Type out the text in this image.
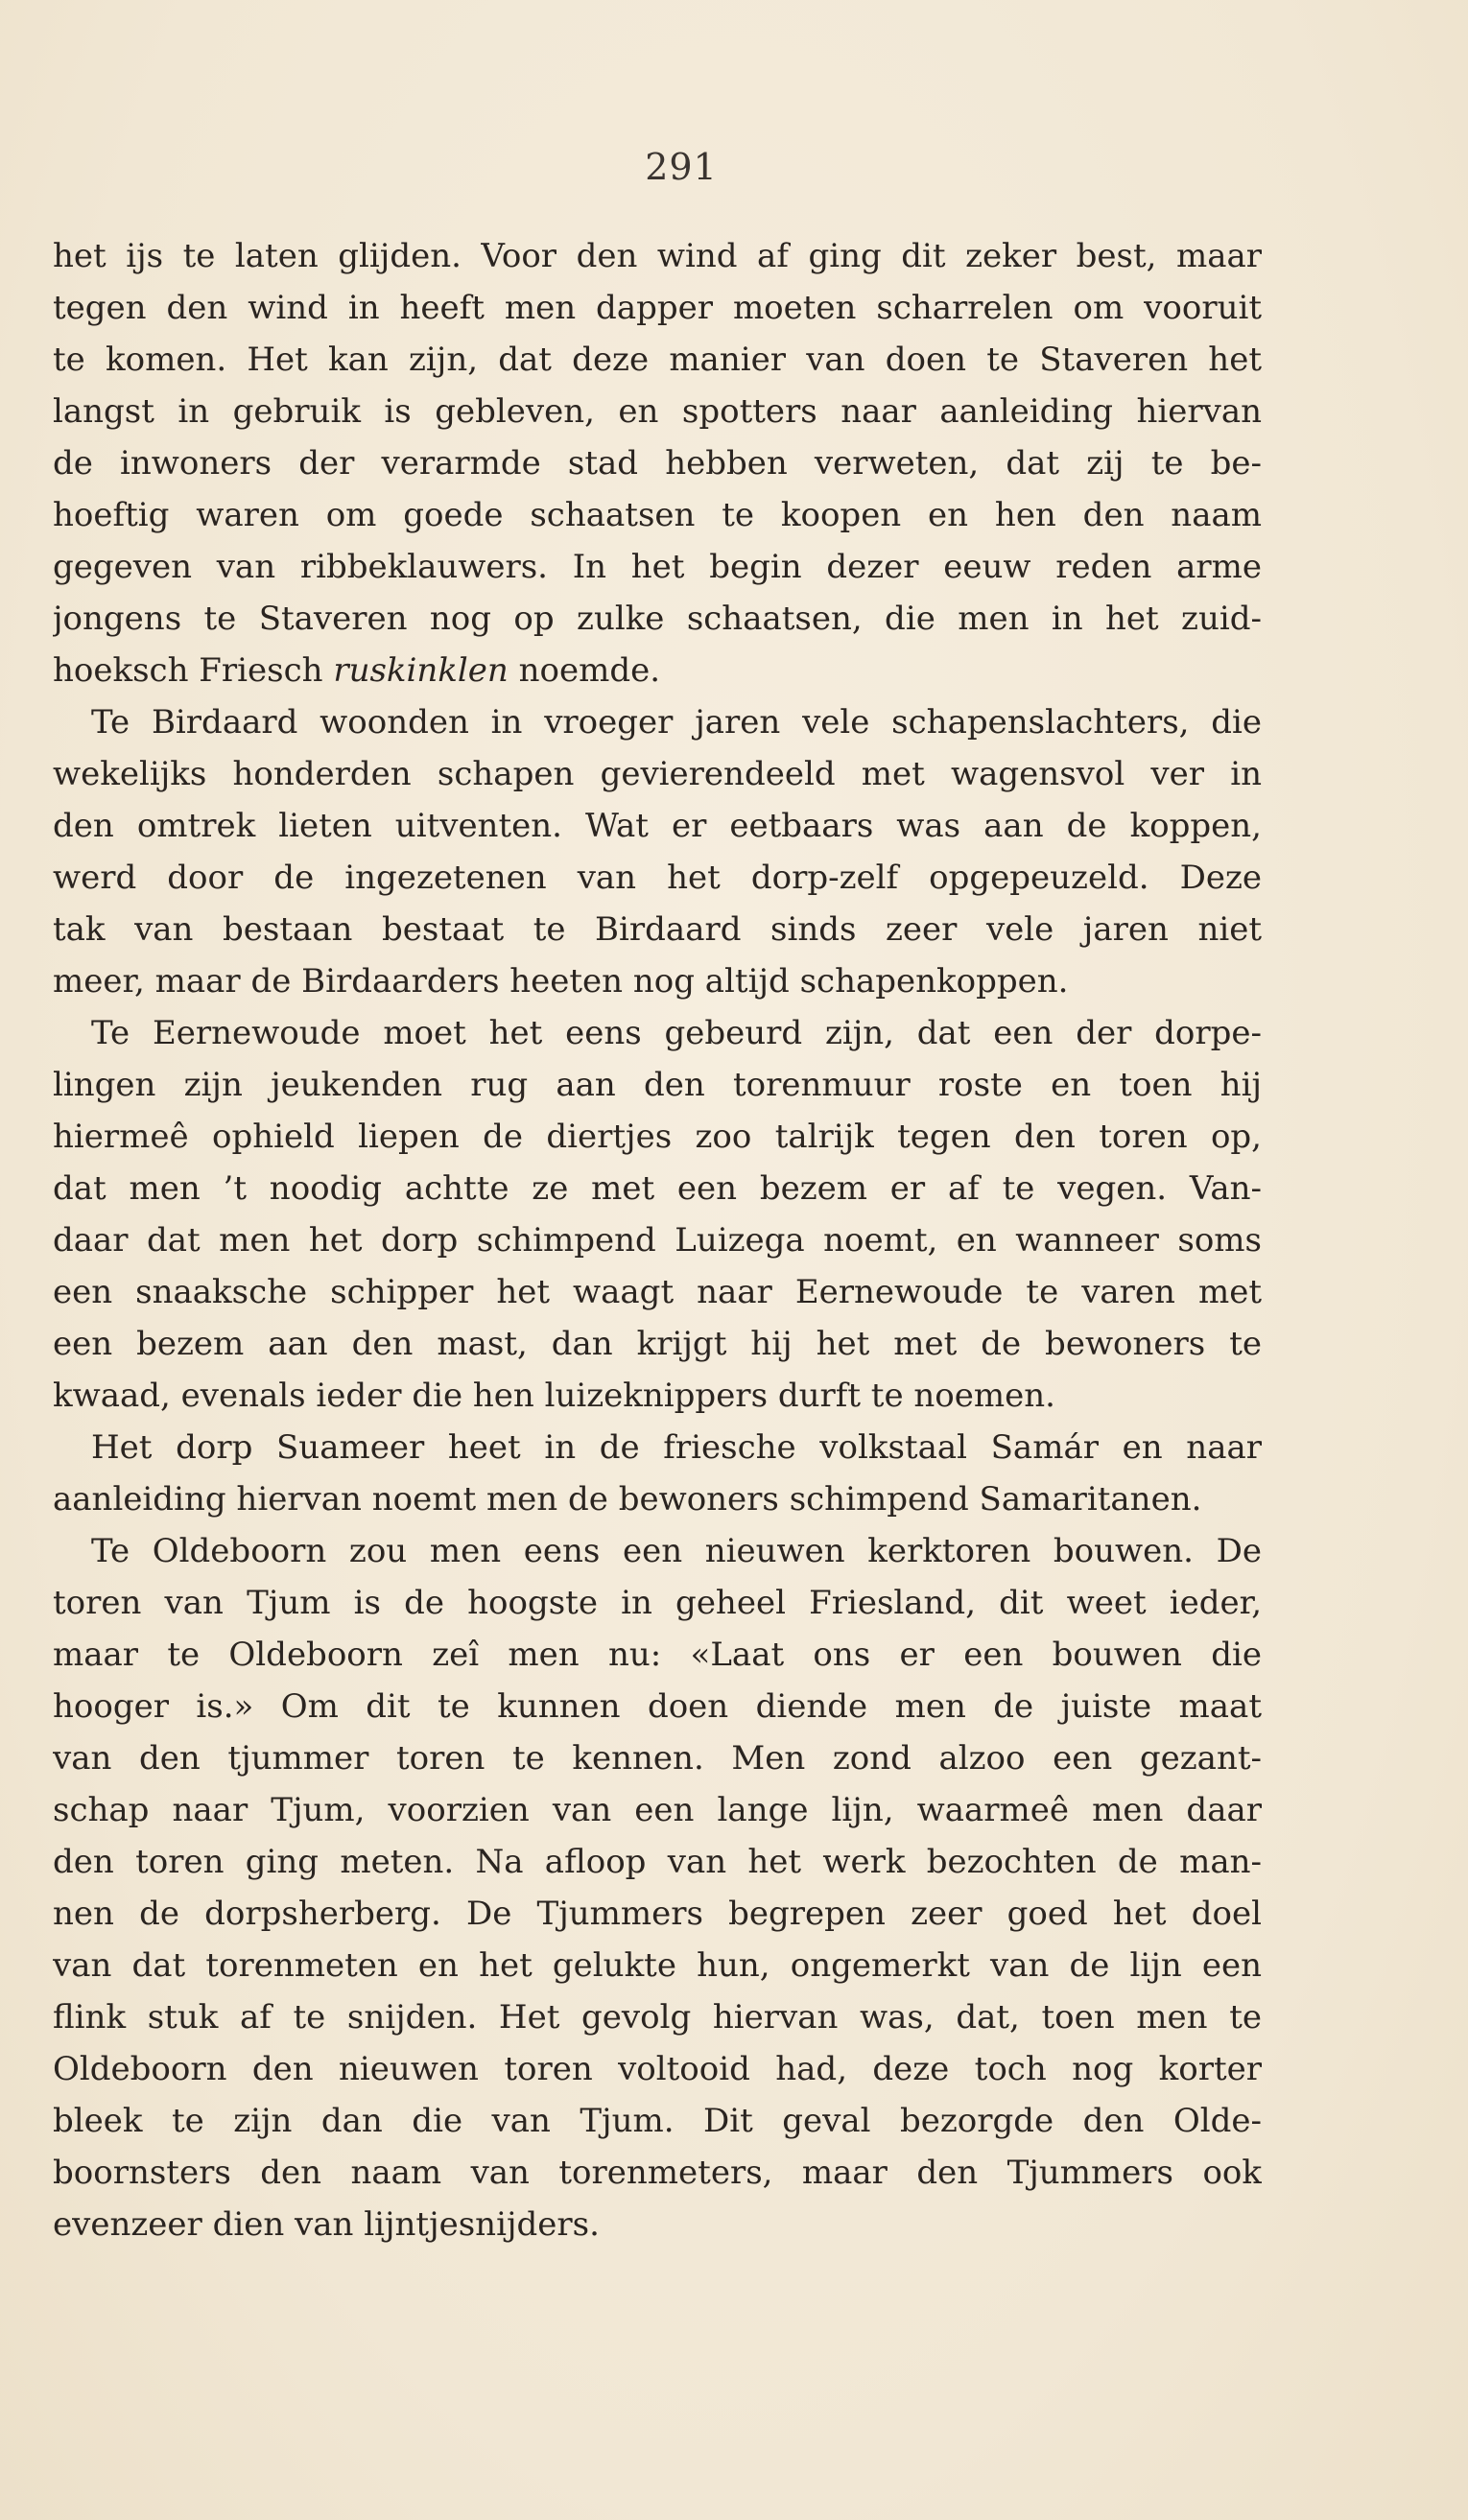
291
het ijs te laten glijden. Voor den wind af ging dit zeker best, maar
tegen den wind in heeft men dapper moeten scharrelen om vooruit
te komen. Het kan zijn, dat deze manier van doen te Staveren het
langst in gebruik is gebleven, en spotters naar aanleiding hiervan
de inwoners der verarmde stad hebben verweten, dat zij te be-
hoeftig waren om goede schaatsen te koopen en hen den naam
gegeven van ribbeklauwers. In het begin dezer eeuw reden arme
jongens te Staveren nog op zulke schaatsen, die men in het zuid-
hoeksch Friesch ruskinklen noemde.
Te Birdaard woonden in vroeger jaren vele schapenslachters, die
wekelijks honderden schapen gevierendeeld met wagensvol ver in
den omtrek lieten uitventen. Wat er eetbaars was aan de koppen,
werd door de ingezetenen van het dorp-zelf opgepeuzeld. Deze
tak van bestaan bestaat te Birdaard sinds zeer vele jaren niet
meer, maar de Birdaarders heeten nog altijd schapenkoppen.
Te Eernewoude moet het eens gebeurd zijn, dat een der dorpe-
lingen zijn jeukenden rug aan den torenmuur roste en toen hij
hiermeê ophield liepen de diertjes zoo talrijk tegen den toren op,
dat men ’t noodig achtte ze met een bezem er af te vegen. Van-
daar dat men het dorp schimpend Luizega noemt, en wanneer soms
een snaaksche schipper het waagt naar Eernewoude te varen met
een bezem aan den mast, dan krijgt hij het met de bewoners te
kwaad, evenals ieder die hen luizeknippers durft te noemen.
Het dorp Suameer heet in de friesche volkstaal Samár en naar
aanleiding hiervan noemt men de bewoners schimpend Samaritanen.
Te Oldeboorn zou men eens een nieuwen kerktoren bouwen. De
toren van Tjum is de hoogste in geheel Friesland, dit weet ieder,
maar te Oldeboorn zeî men nu: «Laat ons er een bouwen die
hooger is.» Om dit te kunnen doen diende men de juiste maat
van den tjummer toren te kennen. Men zond alzoo een gezant-
schap naar Tjum, voorzien van een lange lijn, waarmeê men daar
den toren ging meten. Na afloop van het werk bezochten de man-
nen de dorpsherberg. De Tjummers begrepen zeer goed het doel
van dat torenmeten en het gelukte hun, ongemerkt van de lijn een
flink stuk af te snijden. Het gevolg hiervan was, dat, toen men te
Oldeboorn den nieuwen toren voltooid had, deze toch nog korter
bleek te zijn dan die van Tjum. Dit geval bezorgde den Olde-
boornsters den naam van torenmeters, maar den Tjummers ook
evenzeer dien van lijntjesnijders.
